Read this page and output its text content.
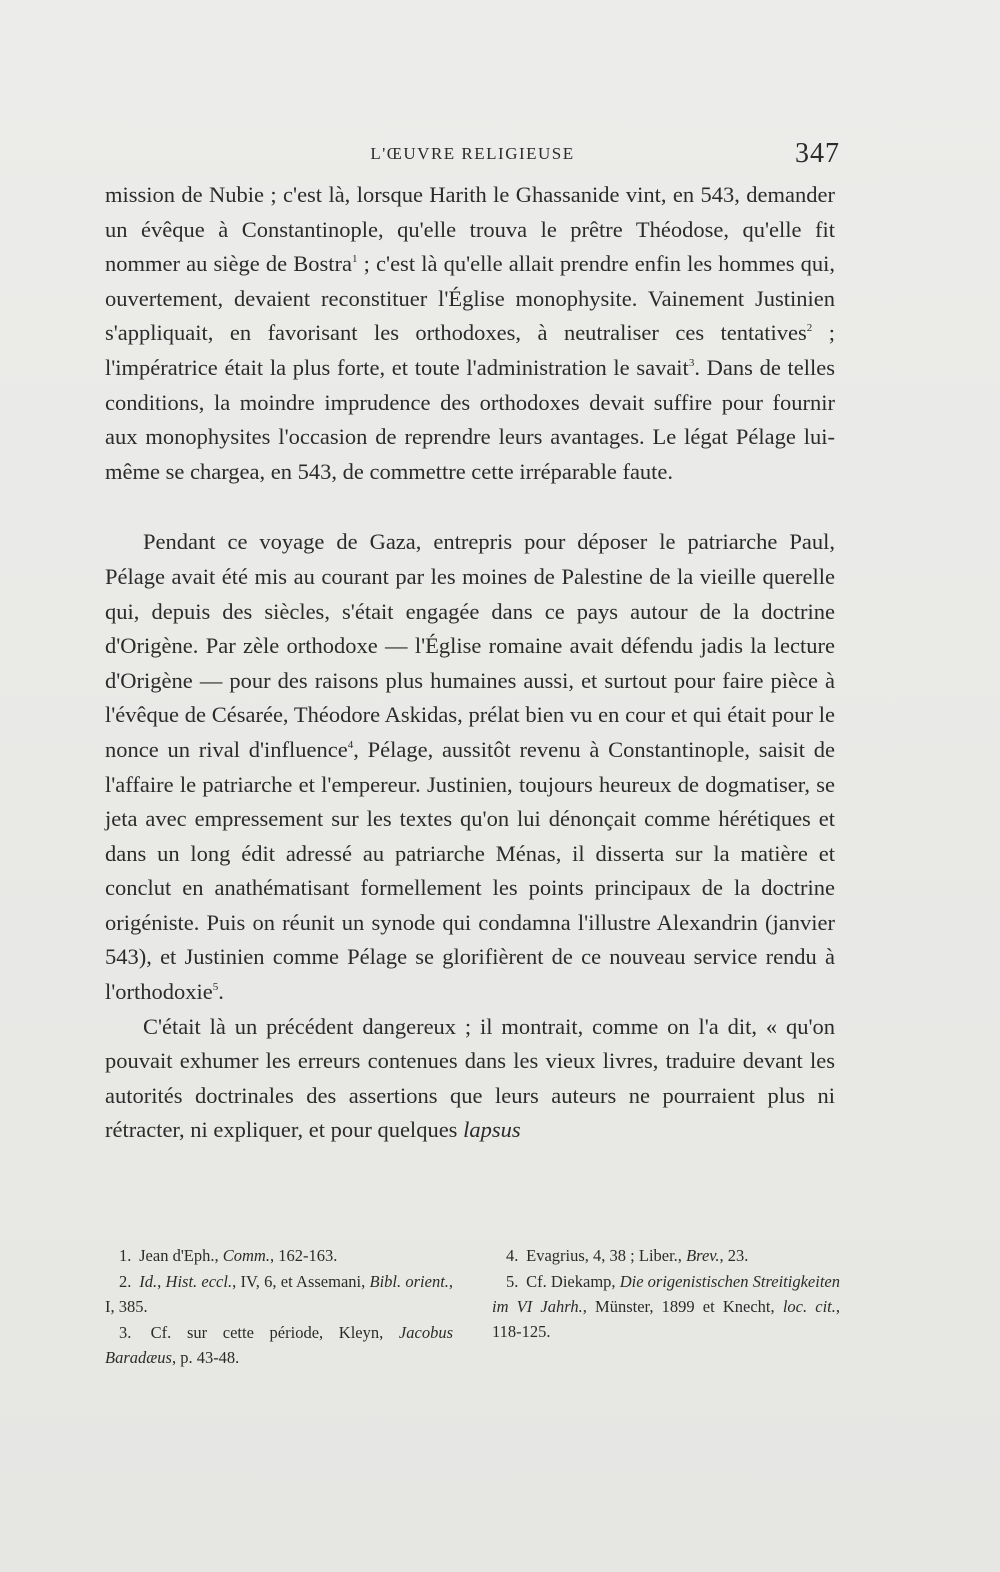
L'ŒUVRE RELIGIEUSE	347

mission de Nubie ; c'est là, lorsque Harith le Ghassanide vint, en 543, demander un évêque à Constantinople, qu'elle trouva le prêtre Théodose, qu'elle fit nommer au siège de Bostra$^1$ ; c'est là qu'elle allait prendre enfin les hommes qui, ouvertement, devaient reconstituer l'Église monophysite. Vainement Justinien s'appliquait, en favorisant les orthodoxes, à neutraliser ces tentatives$^2$ ; l'impératrice était la plus forte, et toute l'administration le savait$^3$. Dans de telles conditions, la moindre imprudence des orthodoxes devait suffire pour fournir aux monophysites l'occasion de reprendre leurs avantages. Le légat Pélage lui-même se chargea, en 543, de commettre cette irréparable faute.

Pendant ce voyage de Gaza, entrepris pour déposer le patriarche Paul, Pélage avait été mis au courant par les moines de Palestine de la vieille querelle qui, depuis des siècles, s'était engagée dans ce pays autour de la doctrine d'Origène. Par zèle orthodoxe — l'Église romaine avait défendu jadis la lecture d'Origène — pour des raisons plus humaines aussi, et surtout pour faire pièce à l'évêque de Césarée, Théodore Askidas, prélat bien vu en cour et qui était pour le nonce un rival d'influence$^4$, Pélage, aussitôt revenu à Constantinople, saisit de l'affaire le patriarche et l'empereur. Justinien, toujours heureux de dogmatiser, se jeta avec empressement sur les textes qu'on lui dénonçait comme hérétiques et dans un long édit adressé au patriarche Ménas, il disserta sur la matière et conclut en anathématisant formellement les points principaux de la doctrine origéniste. Puis on réunit un synode qui condamna l'illustre Alexandrin (janvier 543), et Justinien comme Pélage se glorifièrent de ce nouveau service rendu à l'orthodoxie$^5$.

C'était là un précédent dangereux ; il montrait, comme on l'a dit, « qu'on pouvait exhumer les erreurs contenues dans les vieux livres, traduire devant les autorités doctrinales des assertions que leurs auteurs ne pourraient plus ni rétracter, ni expliquer, et pour quelques lapsus

1. Jean d'Eph., Comm., 162-163.

2. Id., Hist. eccl., IV, 6, et Assemani, Bibl. orient., I, 385.

3. Cf. sur cette période, Kleyn, Jacobus Baradæus, p. 43-48.

4. Evagrius, 4, 38 ; Liber., Brev., 23.

5. Cf. Diekamp, Die origenistischen Streitigkeiten im VI Jahrh., Münster, 1899 et Knecht, loc. cit., 118-125.
